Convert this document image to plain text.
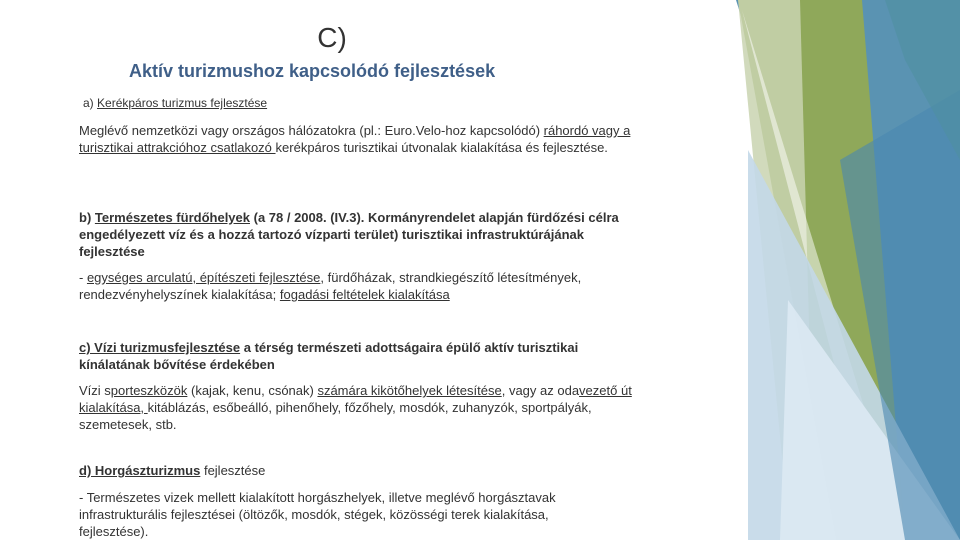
C)
Aktív turizmushoz kapcsolódó fejlesztések
a) Kerékpáros turizmus fejlesztése
Meglévő nemzetközi vagy országos hálózatokra (pl.: Euro.Velo-hoz kapcsolódó) ráhordó vagy a turisztikai attrakcióhoz csatlakozó kerékpáros turisztikai útvonalak kialakítása és fejlesztése.
b) Természetes fürdőhelyek (a 78 / 2008. (IV.3). Kormányrendelet alapján fürdőzési célra engedélyezett víz és a hozzá tartozó vízparti terület) turisztikai infrastruktúrájának fejlesztése
- egységes arculatú, építészeti fejlesztése, fürdőházak, strandkiegészítő létesítmények, rendezvényhelyszínek kialakítása; fogadási feltételek kialakítása
c) Vízi turizmusfejlesztése a térség természeti adottságaira épülő aktív turisztikai kínálatának bővítése érdekében
Vízi sporteszközök (kajak, kenu, csónak) számára kikötőhelyek létesítése, vagy az odavezető út kialakítása, kitáblázás, esőbeálló, pihenőhely, főzőhely, mosdók, zuhanyzók, sportpályák, szemetesek, stb.
d) Horgászturizmus fejlesztése
- Természetes vizek mellett kialakított horgászhelyek, illetve meglévő horgásztavak infrastrukturális fejlesztései (öltözők, mosdók, stégek, közösségi terek kialakítása, fejlesztése).
